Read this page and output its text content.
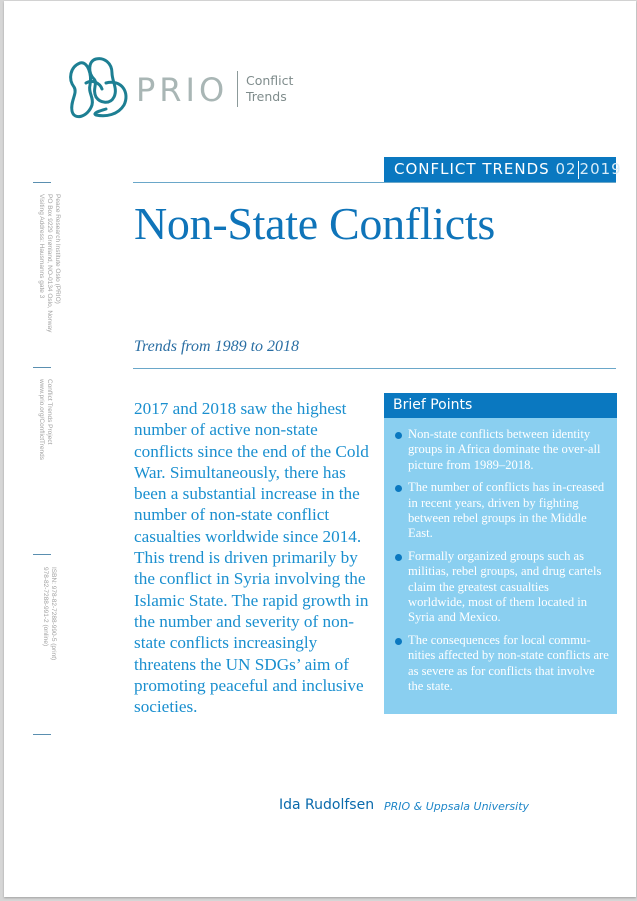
PRIO Conflict
Trends
CONFLICT TRENDS 02 2019
Non-State Conflicts
Trends from 1989 to 2018
Peace Research Institute Oslo (PRIO)
PO Box 9229 Grønland, NO-0134 Oslo, Norway
Visiting Address: Hausmanns gate 3
Conflict Trends Project
www.prio.org/ConflictTrends
ISBN: 978-82-7288-990-5 (print)
978-82-7288-991-2 (online)

2017 and 2018 saw the highest number of active non-state conflicts since the end of the Cold War. Simultaneously, there has been a substantial increase in the number of non-state conflict casualties worldwide since 2014. This trend is driven primarily by the conflict in Syria involving the Islamic State. The rapid growth in the number and severity of non-state conflicts increasingly threatens the UN SDGs’ aim of promoting peaceful and inclusive societies.

Brief Points
Non-state conflicts between identity groups in Africa dominate the over-all picture from 1989–2018.
The number of conflicts has in-creased in recent years, driven by fighting between rebel groups in the Middle East.
Formally organized groups such as militias, rebel groups, and drug cartels claim the greatest casualties worldwide, most of them located in Syria and Mexico.
The consequences for local commu-nities affected by non-state conflicts are as severe as for conflicts that involve the state.
Ida Rudolfsen PRIO & Uppsala University
